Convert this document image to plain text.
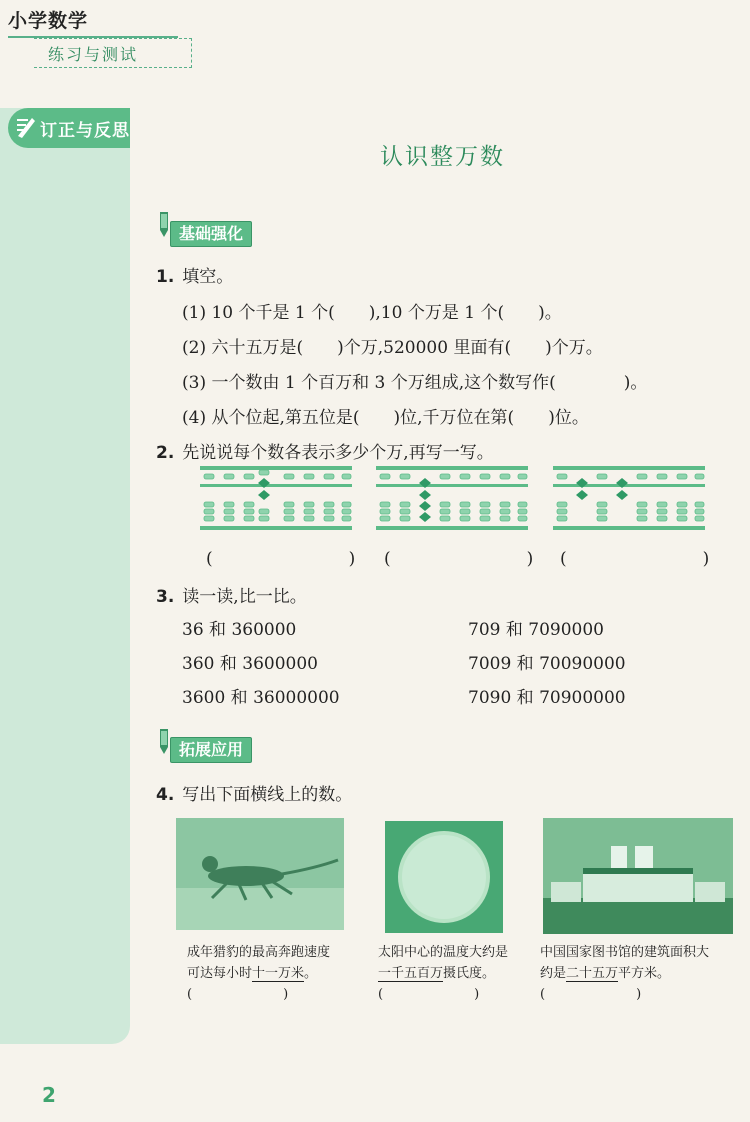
小学数学
练习与测试
订正与反思
2
认识整万数
基础强化
1. 填空。
(1) 10 个千是 1 个(　　),10 个万是 1 个(　　)。
(2) 六十五万是(　　)个万,520000 里面有(　　)个万。
(3) 一个数由 1 个百万和 3 个万组成,这个数写作(　　　　)。
(4) 从个位起,第五位是(　　)位,千万位在第(　　)位。
2. 先说说每个数各表示多少个万,再写一写。
(　　　　　　　　) (　　　　　　　　) (　　　　　　　　)
3. 读一读,比一比。
36 和 360000
360 和 3600000
3600 和 36000000
709 和 7090000
7009 和 70090000
7090 和 70900000
拓展应用
4. 写出下面横线上的数。
成年猎豹的最高奔跑速度
可达每小时十一万米。
(　　　　　　　)
太阳中心的温度大约是
一千五百万摄氏度。
(　　　　　　　)
中国国家图书馆的建筑面积大
约是二十五万平方米。
(　　　　　　　)
